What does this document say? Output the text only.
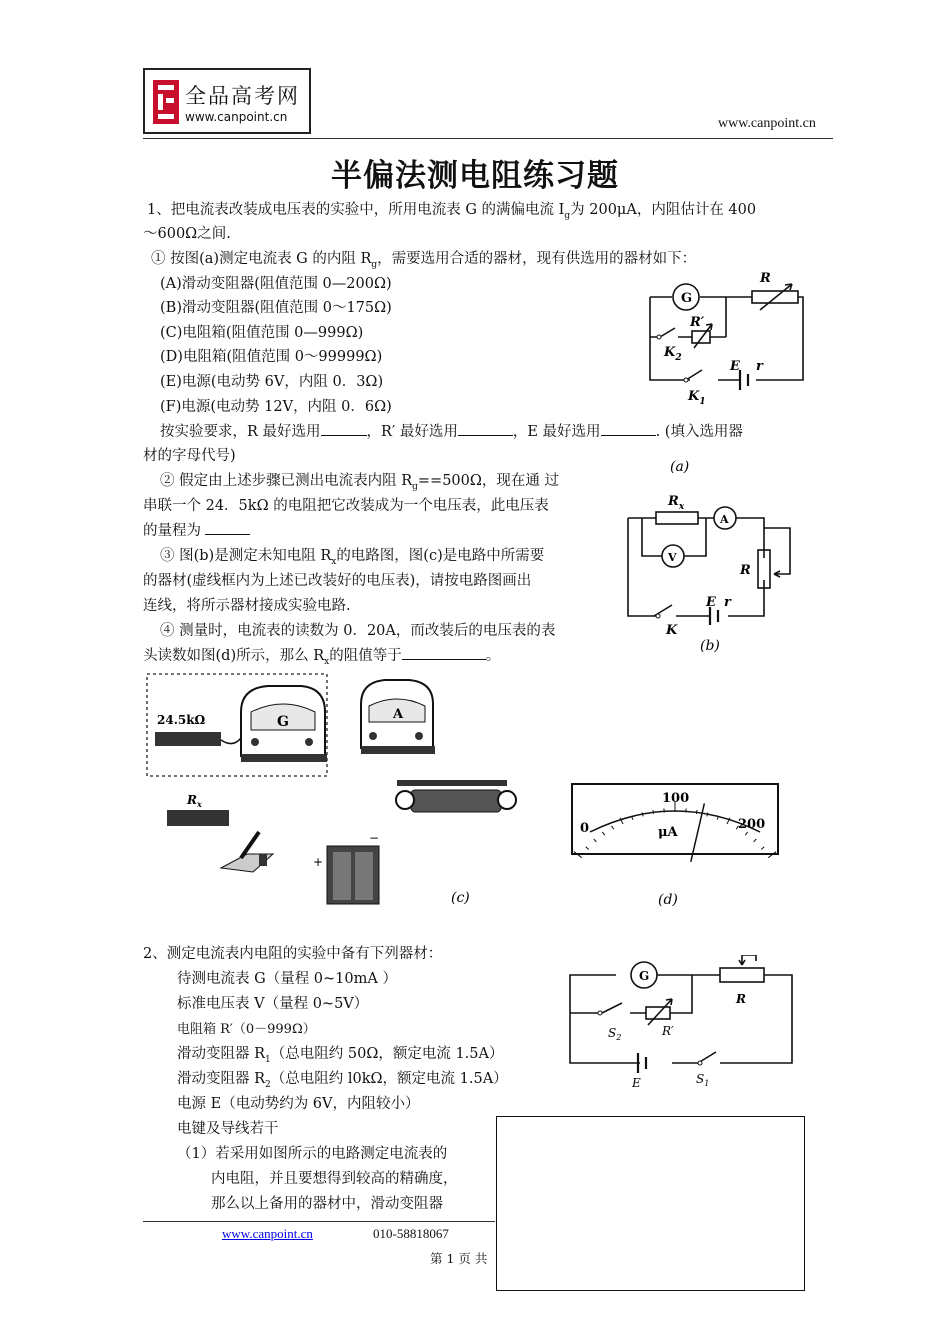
全品高考网
www.canpoint.cn	www.canpoint.cn
半偏法测电阻练习题
1、把电流表改装成电压表的实验中，所用电流表 G 的满偏电流 $I_g$为 200μA，内阻估计在 400
～600Ω之间.
① 按图(a)测定电流表 G 的内阻 $R_g$，需要选用合适的器材，现有供选用的器材如下：
(A)滑动变阻器(阻值范围 0—200Ω)
(B)滑动变阻器(阻值范围 0～175Ω)
(C)电阻箱(阻值范围 0—999Ω)
(D)电阻箱(阻值范围 0～99999Ω)
(E)电源(电动势 6V，内阻 0．3Ω)
(F)电源(电动势 12V，内阻 0．6Ω)
按实验要求，R 最好选用	，R′ 最好选用	，E 最好选用	. (填入选用器
材的字母代号)
② 假定由上述步骤已测出电流表内阻 $R_g==500\Omega$，现在通 过
串联一个 24．5kΩ 的电阻把它改装成为一个电压表，此电压表
的量程为
③ 图(b)是测定未知电阻 $R_x$的电路图，图(c)是电路中所需要
的器材(虚线框内为上述已改装好的电压表)，请按电路图画出
连线，将所示器材接成实验电路.
④ 测量时，电流表的读数为 0．20A，而改装后的电压表的表
头读数如图(d)所示，那么 $R_x$的阻值等于	。
G
R
R′
$K_2$
$K_1$
E r
(a)
$R_x$
A
V
R
K
E r
(b)
24.5kΩ	G	A
$R_x$
+
−
(c)
0
100
200
μA
(d)
2、测定电流表内电阻的实验中备有下列器材：
待测电流表 G（量程 0~10mA ）
标准电压表 V（量程 0~5V）
电阻箱 R′（0－999Ω）
滑动变阻器 $R_1$（总电阻约 50Ω，额定电流 1.5A）
滑动变阻器 $R_2$（总电阻约 l0kΩ，额定电流 1.5A）
电源 E（电动势约为 6V，内阻较小）
电键及导线若干
（1）若采用如图所示的电路测定电流表的
内电阻，并且要想得到较高的精确度，
那么以上备用的器材中，滑动变阻器
G
R
$S_2$	R′
E	$S_1$
www.canpoint.cn	010-58818067
第 1 页 共
